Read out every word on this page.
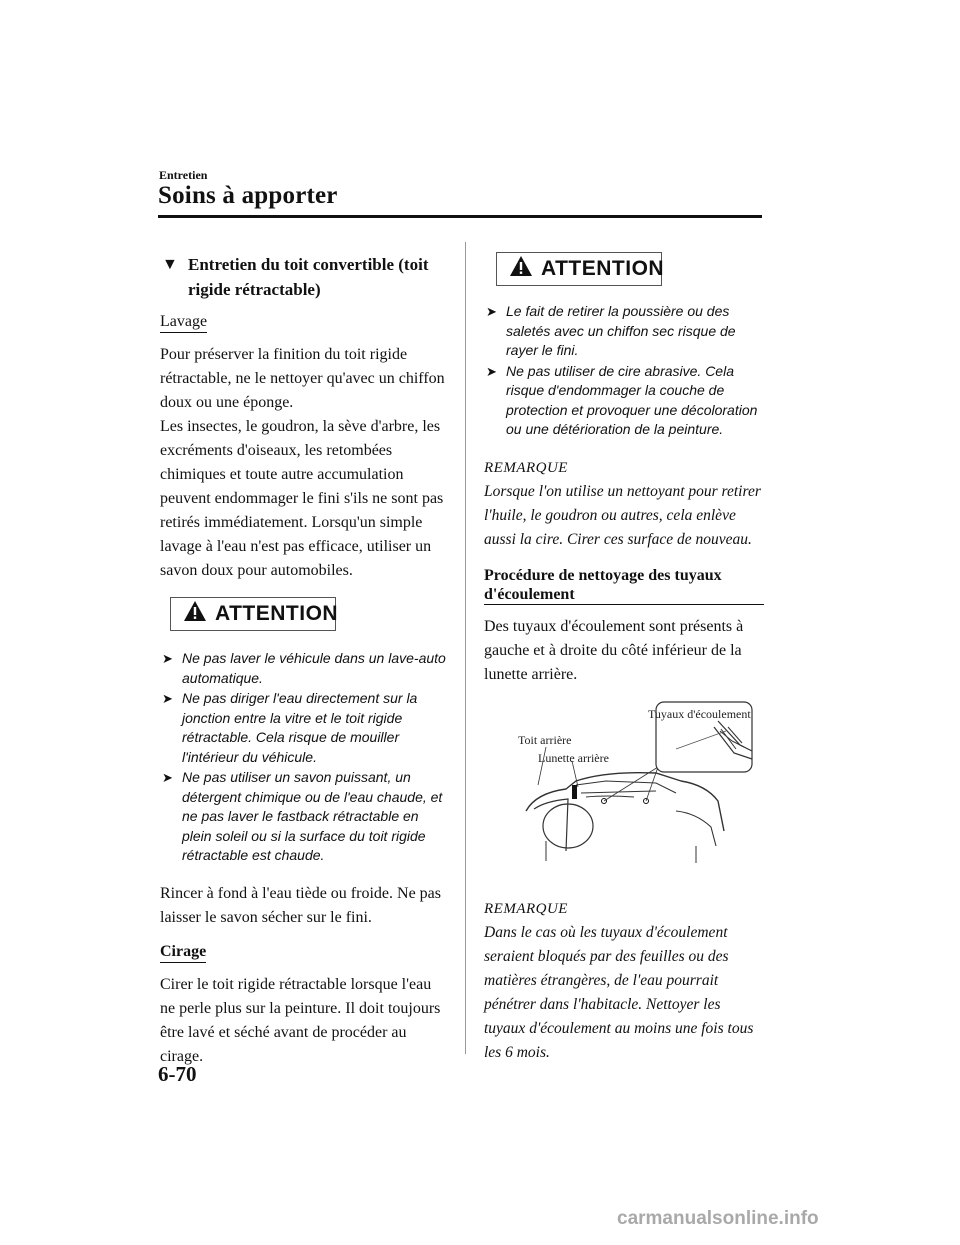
Entretien
Soins à apporter
▼ Entretien du toit convertible (toit rigide rétractable)
Lavage

Pour préserver la finition du toit rigide rétractable, ne le nettoyer qu'avec un chiffon doux ou une éponge.

Les insectes, le goudron, la sève d'arbre, les excréments d'oiseaux, les retombées chimiques et toute autre accumulation peuvent endommager le fini s'ils ne sont pas retirés immédiatement. Lorsqu'un simple lavage à l'eau n'est pas efficace, utiliser un savon doux pour automobiles.

ATTENTION
➤ Ne pas laver le véhicule dans un lave-auto automatique.
➤ Ne pas diriger l'eau directement sur la jonction entre la vitre et le toit rigide rétractable. Cela risque de mouiller l'intérieur du véhicule.
➤ Ne pas utiliser un savon puissant, un détergent chimique ou de l'eau chaude, et ne pas laver le fastback rétractable en plein soleil ou si la surface du toit rigide rétractable est chaude.

Rincer à fond à l'eau tiède ou froide. Ne pas laisser le savon sécher sur le fini.

Cirage

Cirer le toit rigide rétractable lorsque l'eau ne perle plus sur la peinture. Il doit toujours être lavé et séché avant de procéder au cirage.

ATTENTION
➤ Le fait de retirer la poussière ou des saletés avec un chiffon sec risque de rayer le fini.
➤ Ne pas utiliser de cire abrasive. Cela risque d'endommager la couche de protection et provoquer une décoloration ou une détérioration de la peinture.
REMARQUE
Lorsque l'on utilise un nettoyant pour retirer l'huile, le goudron ou autres, cela enlève aussi la cire. Cirer ces surface de nouveau.
Procédure de nettoyage des tuyaux d'écoulement

Des tuyaux d'écoulement sont présents à gauche et à droite du côté inférieur de la lunette arrière.

Tuyaux d'écoulement
Toit arrière
Lunette arrière
REMARQUE
Dans le cas où les tuyaux d'écoulement seraient bloqués par des feuilles ou des matières étrangères, de l'eau pourrait pénétrer dans l'habitacle. Nettoyer les tuyaux d'écoulement au moins une fois tous les 6 mois.
6-70
carmanualsonline.info
